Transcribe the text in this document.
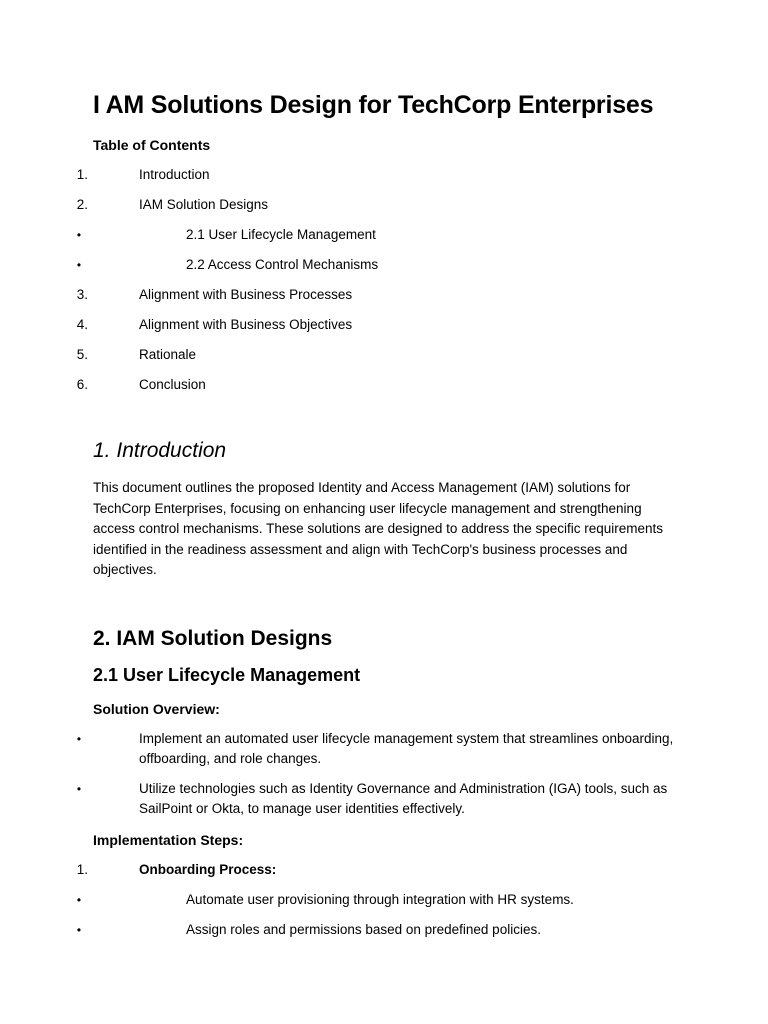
I AM Solutions Design for TechCorp Enterprises
Table of Contents
1.	Introduction
2.	IAM Solution Designs
•	2.1 User Lifecycle Management
•	2.2 Access Control Mechanisms
3.	Alignment with Business Processes
4.	Alignment with Business Objectives
5.	Rationale
6.	Conclusion
1. Introduction

This document outlines the proposed Identity and Access Management (IAM) solutions for TechCorp Enterprises, focusing on enhancing user lifecycle management and strengthening access control mechanisms. These solutions are designed to address the specific requirements identified in the readiness assessment and align with TechCorp's business processes and objectives.

2. IAM Solution Designs
2.1 User Lifecycle Management
Solution Overview:
•	Implement an automated user lifecycle management system that streamlines onboarding, offboarding, and role changes.
•	Utilize technologies such as Identity Governance and Administration (IGA) tools, such as SailPoint or Okta, to manage user identities effectively.
Implementation Steps:
1.	Onboarding Process:
•	Automate user provisioning through integration with HR systems.
•	Assign roles and permissions based on predefined policies.
